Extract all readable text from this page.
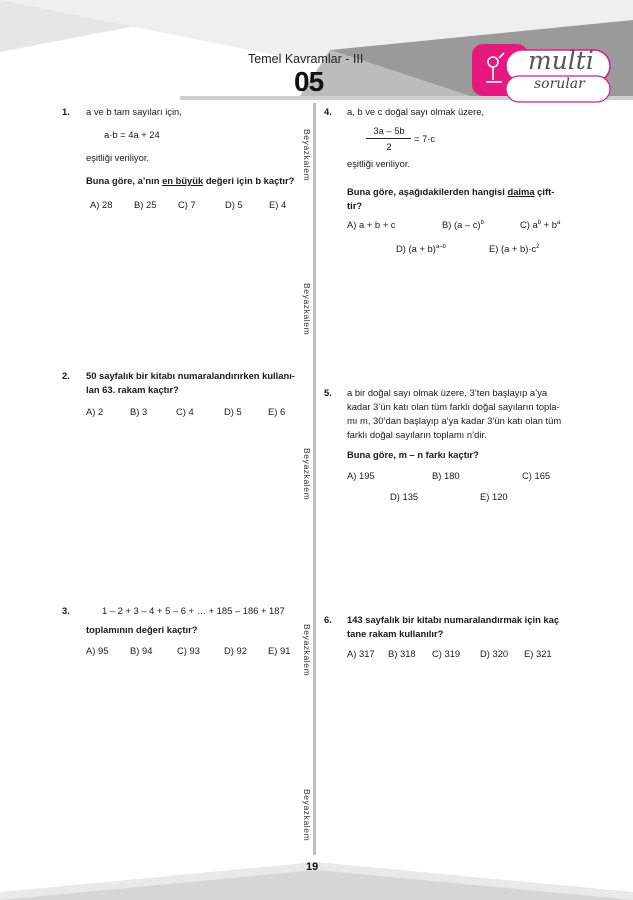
Temel Kavramlar - III
05
multi
sorular
Beyazkalem
Beyazkalem
Beyazkalem
Beyazkalem
Beyazkalem
1. a ve b tam sayıları için,
a·b = 4a + 24
eşitliği veriliyor.
Buna göre, a’nın en büyük değeri için b kaçtır?
A) 28 B) 25 C) 7	D) 5	E) 4
2. 50 sayfalık bir kitabı numaralandırırken kullanı-
lan 63. rakam kaçtır?
A) 2	B) 3	C) 4	D) 5	E) 6
3.	1 – 2 + 3 – 4 + 5 – 6 + … + 185 – 186 + 187
toplamının değeri kaçtır?
A) 95 B) 94	C) 93	D) 92 E) 91
4. a, b ve c doğal sayı olmak üzere,
3a – 5b
2
= 7·c
eşitliği veriliyor.
Buna göre, aşağıdakilerden hangisi daima çift-
tir?
A) a + b + c	B) (a – c)$^b$	C) $a^b + b^a$
D) $(a + b)^{a-b}$	E) $(a + b)\cdot c^2$
5. a bir doğal sayı olmak üzere, 3’ten başlayıp a’ya
kadar 3’ün katı olan tüm farklı doğal sayıların topla-
mı m, 30’dan başlayıp a’ya kadar 3’ün katı olan tüm
farklı doğal sayıların toplamı n’dir.
Buna göre, m – n farkı kaçtır?
A) 195	B) 180	C) 165
D) 135	E) 120
6. 143 sayfalık bir kitabı numaralandırmak için kaç
tane rakam kullanılır?
A) 317 B) 318 C) 319 D) 320 E) 321
19
